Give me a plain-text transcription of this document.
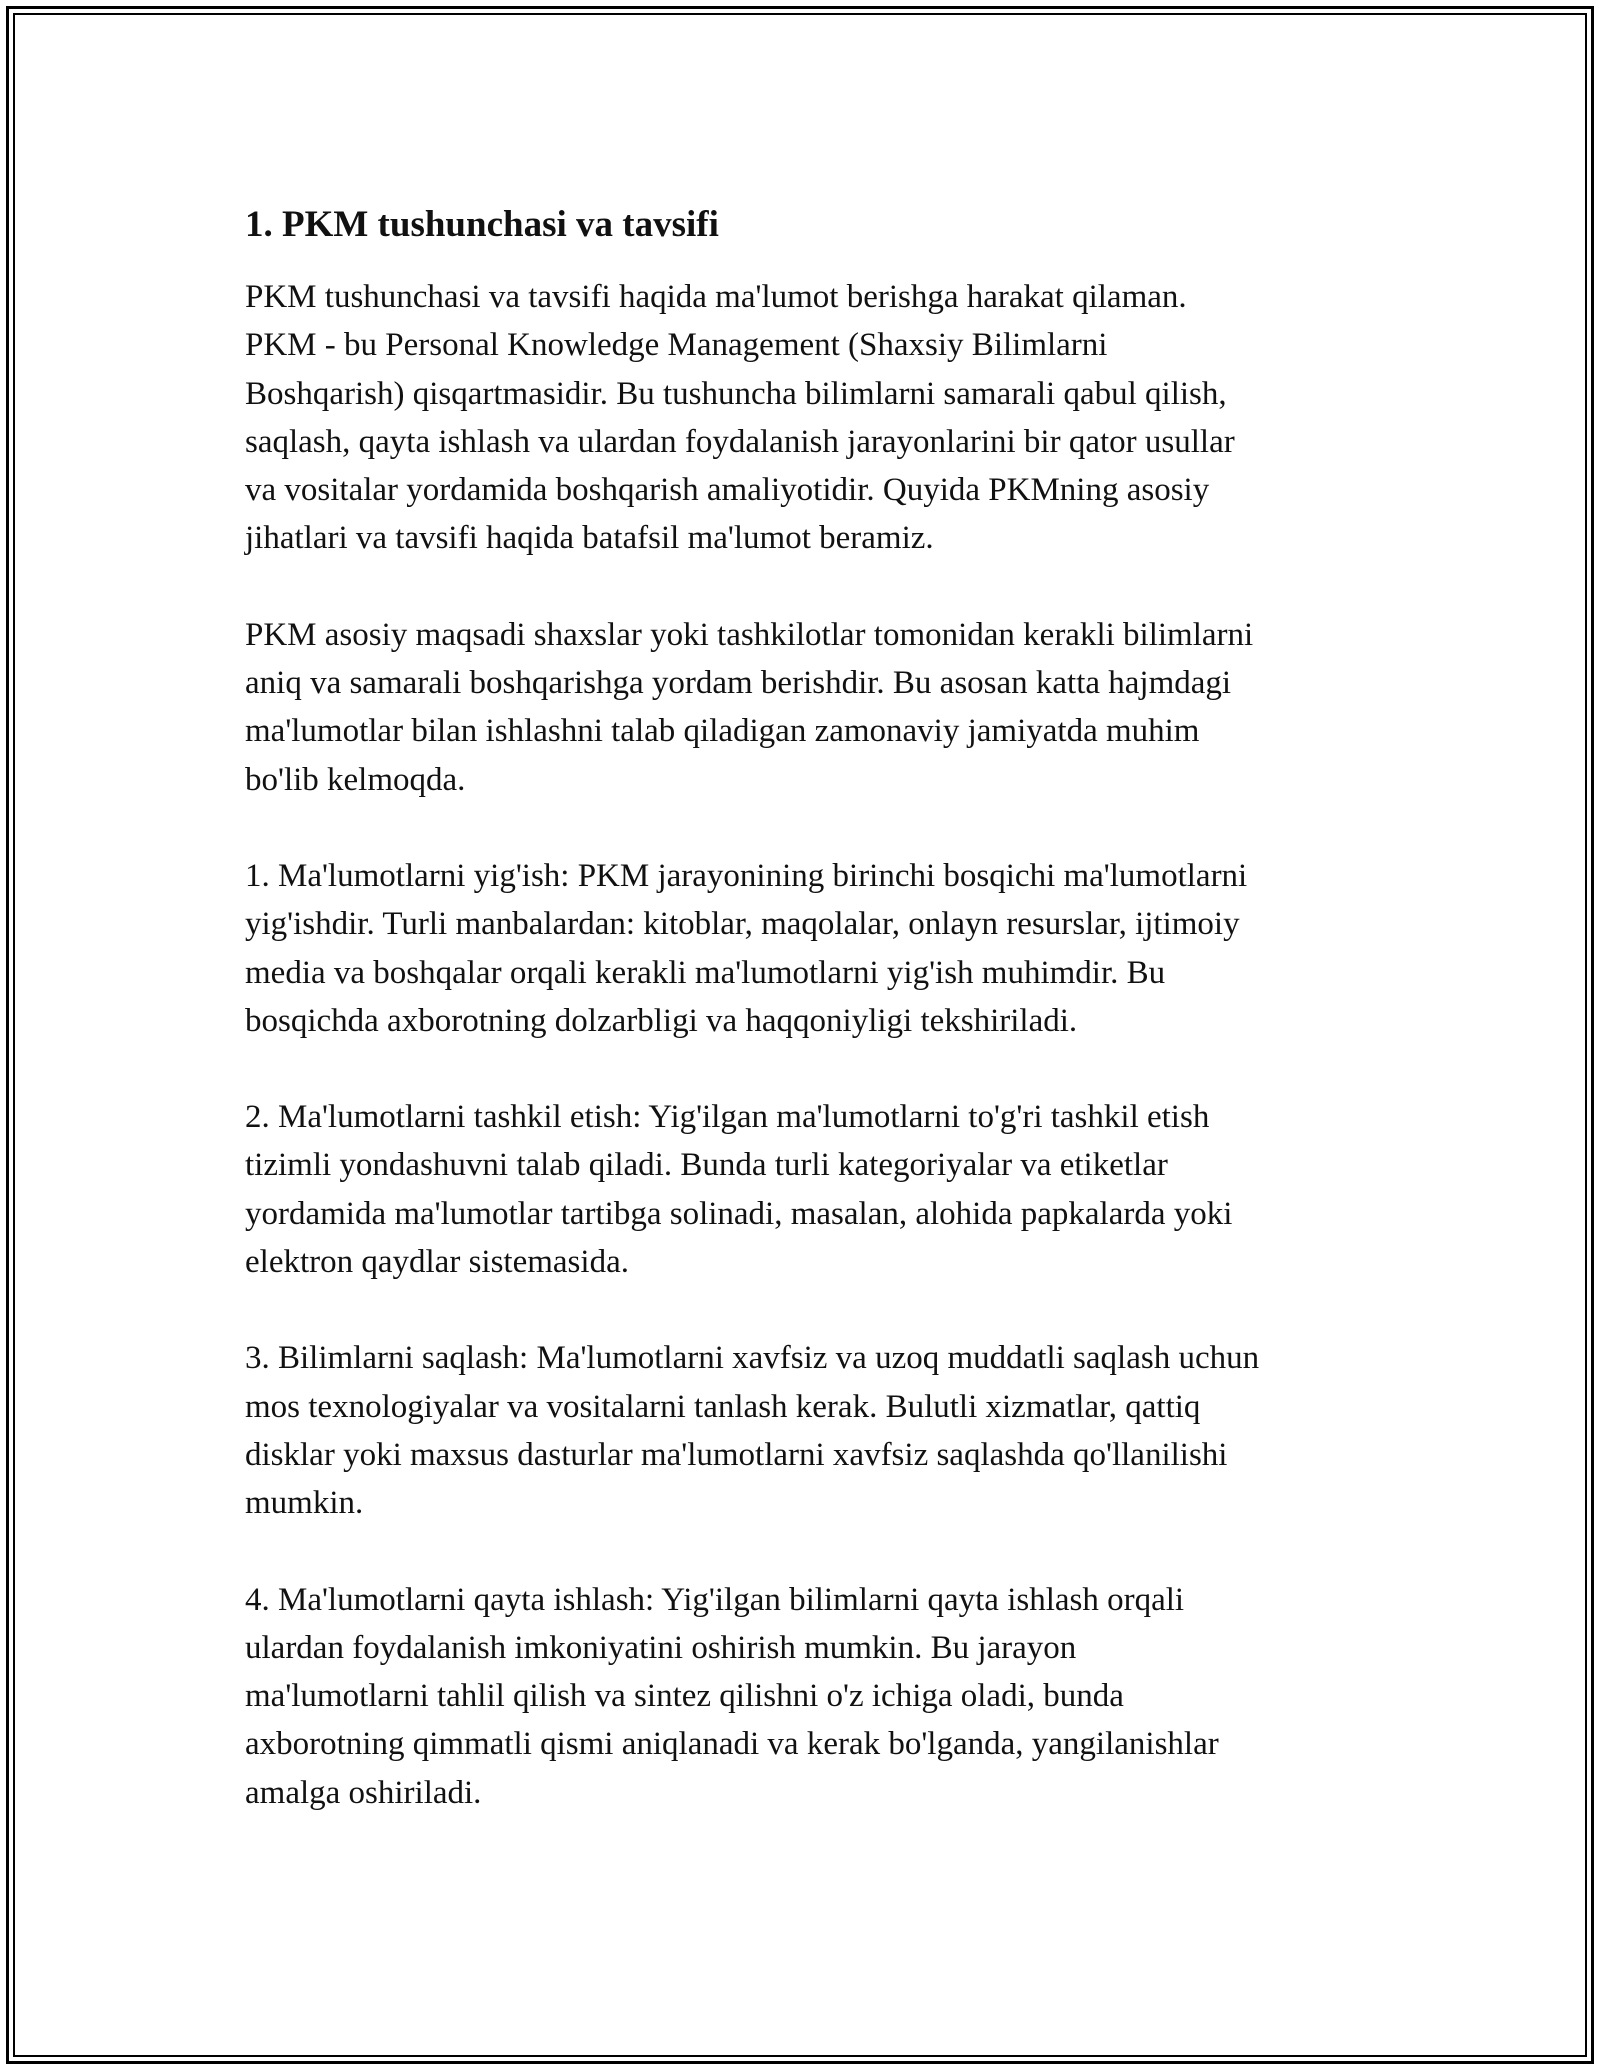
1. PKM tushunchasi va tavsifi

PKM tushunchasi va tavsifi haqida ma'lumot berishga harakat qilaman.
PKM - bu Personal Knowledge Management (Shaxsiy Bilimlarni
Boshqarish) qisqartmasidir. Bu tushuncha bilimlarni samarali qabul qilish,
saqlash, qayta ishlash va ulardan foydalanish jarayonlarini bir qator usullar
va vositalar yordamida boshqarish amaliyotidir. Quyida PKMning asosiy
jihatlari va tavsifi haqida batafsil ma'lumot beramiz.

PKM asosiy maqsadi shaxslar yoki tashkilotlar tomonidan kerakli bilimlarni
aniq va samarali boshqarishga yordam berishdir. Bu asosan katta hajmdagi
ma'lumotlar bilan ishlashni talab qiladigan zamonaviy jamiyatda muhim
bo'lib kelmoqda.

1. Ma'lumotlarni yig'ish: PKM jarayonining birinchi bosqichi ma'lumotlarni
yig'ishdir. Turli manbalardan: kitoblar, maqolalar, onlayn resurslar, ijtimoiy
media va boshqalar orqali kerakli ma'lumotlarni yig'ish muhimdir. Bu
bosqichda axborotning dolzarbligi va haqqoniyligi tekshiriladi.

2. Ma'lumotlarni tashkil etish: Yig'ilgan ma'lumotlarni to'g'ri tashkil etish
tizimli yondashuvni talab qiladi. Bunda turli kategoriyalar va etiketlar
yordamida ma'lumotlar tartibga solinadi, masalan, alohida papkalarda yoki
elektron qaydlar sistemasida.

3. Bilimlarni saqlash: Ma'lumotlarni xavfsiz va uzoq muddatli saqlash uchun
mos texnologiyalar va vositalarni tanlash kerak. Bulutli xizmatlar, qattiq
disklar yoki maxsus dasturlar ma'lumotlarni xavfsiz saqlashda qo'llanilishi
mumkin.

4. Ma'lumotlarni qayta ishlash: Yig'ilgan bilimlarni qayta ishlash orqali
ulardan foydalanish imkoniyatini oshirish mumkin. Bu jarayon
ma'lumotlarni tahlil qilish va sintez qilishni o'z ichiga oladi, bunda
axborotning qimmatli qismi aniqlanadi va kerak bo'lganda, yangilanishlar
amalga oshiriladi.
